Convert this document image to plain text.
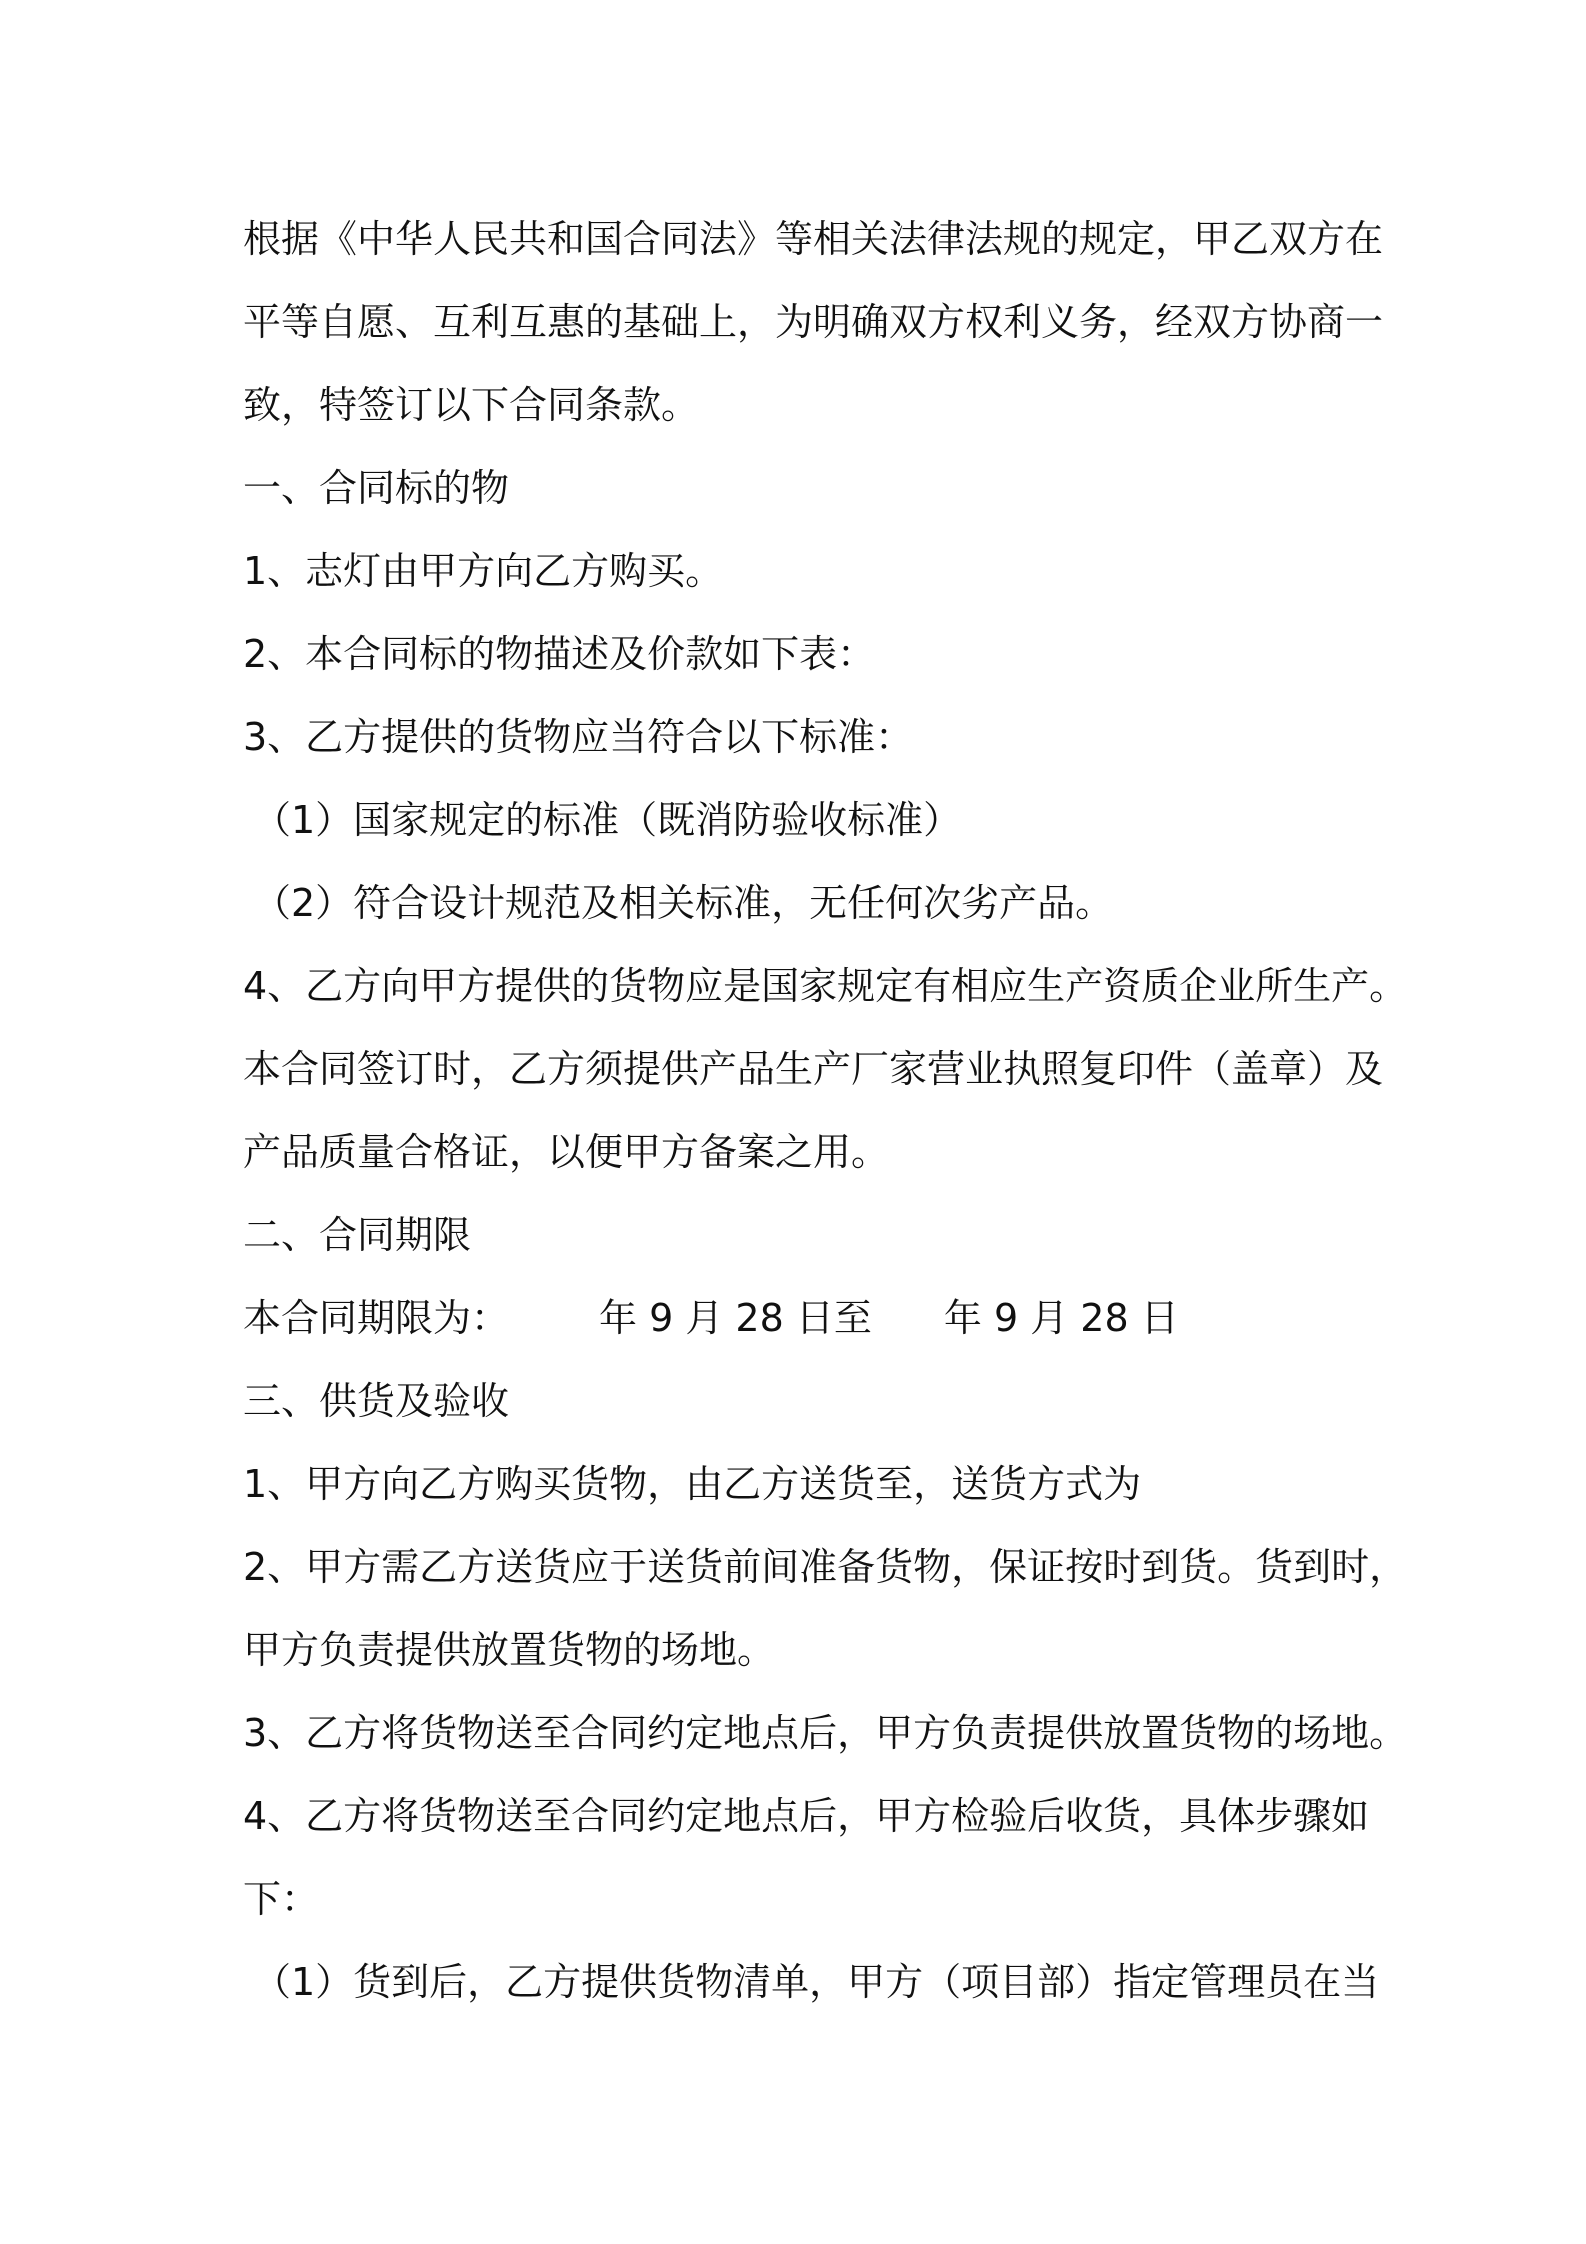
根据《中华人民共和国合同法》等相关法律法规的规定，甲乙双方在

平等自愿、互利互惠的基础上，为明确双方权利义务，经双方协商一

致，特签订以下合同条款。

一、合同标的物

1、志灯由甲方向乙方购买。

2、本合同标的物描述及价款如下表：

3、乙方提供的货物应当符合以下标准：

（1）国家规定的标准（既消防验收标准）

（2）符合设计规范及相关标准，无任何次劣产品。

4、乙方向甲方提供的货物应是国家规定有相应生产资质企业所生产。

本合同签订时，乙方须提供产品生产厂家营业执照复印件（盖章）及

产品质量合格证，以便甲方备案之用。

二、合同期限

本合同期限为： 年 9 月 28 日至 年 9 月 28 日

三、供货及验收

1、甲方向乙方购买货物，由乙方送货至，送货方式为

2、甲方需乙方送货应于送货前间准备货物，保证按时到货。货到时，

甲方负责提供放置货物的场地。

3、乙方将货物送至合同约定地点后，甲方负责提供放置货物的场地。

4、乙方将货物送至合同约定地点后，甲方检验后收货，具体步骤如

下：

（1）货到后，乙方提供货物清单，甲方（项目部）指定管理员在当
